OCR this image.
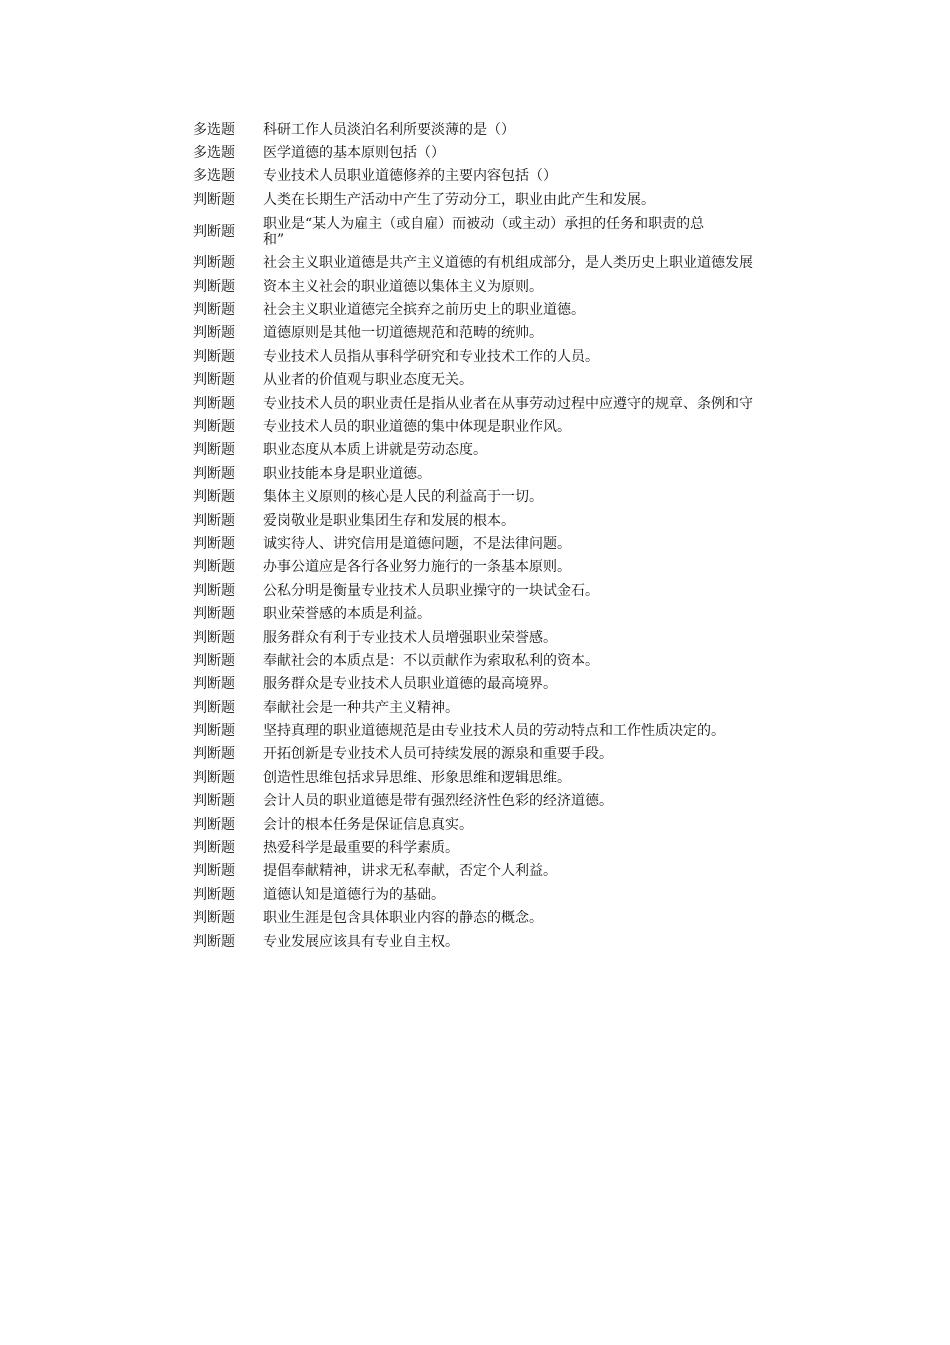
多选题	科研工作人员淡泊名利所要淡薄的是（）
多选题	医学道德的基本原则包括（）
多选题	专业技术人员职业道德修养的主要内容包括（）
判断题	人类在长期生产活动中产生了劳动分工，职业由此产生和发展。
判断题	职业是“某人为雇主（或自雇）而被动（或主动）承担的任务和职责的总和”
判断题	社会主义职业道德是共产主义道德的有机组成部分，是人类历史上职业道德发展
判断题	资本主义社会的职业道德以集体主义为原则。
判断题	社会主义职业道德完全摈弃之前历史上的职业道德。
判断题	道德原则是其他一切道德规范和范畴的统帅。
判断题	专业技术人员指从事科学研究和专业技术工作的人员。
判断题	从业者的价值观与职业态度无关。
判断题	专业技术人员的职业责任是指从业者在从事劳动过程中应遵守的规章、条例和守
判断题	专业技术人员的职业道德的集中体现是职业作风。
判断题	职业态度从本质上讲就是劳动态度。
判断题	职业技能本身是职业道德。
判断题	集体主义原则的核心是人民的利益高于一切。
判断题	爱岗敬业是职业集团生存和发展的根本。
判断题	诚实待人、讲究信用是道德问题，不是法律问题。
判断题	办事公道应是各行各业努力施行的一条基本原则。
判断题	公私分明是衡量专业技术人员职业操守的一块试金石。
判断题	职业荣誉感的本质是利益。
判断题	服务群众有利于专业技术人员增强职业荣誉感。
判断题	奉献社会的本质点是：不以贡献作为索取私利的资本。
判断题	服务群众是专业技术人员职业道德的最高境界。
判断题	奉献社会是一种共产主义精神。
判断题	坚持真理的职业道德规范是由专业技术人员的劳动特点和工作性质决定的。
判断题	开拓创新是专业技术人员可持续发展的源泉和重要手段。
判断题	创造性思维包括求异思维、形象思维和逻辑思维。
判断题	会计人员的职业道德是带有强烈经济性色彩的经济道德。
判断题	会计的根本任务是保证信息真实。
判断题	热爱科学是最重要的科学素质。
判断题	提倡奉献精神，讲求无私奉献，否定个人利益。
判断题	道德认知是道德行为的基础。
判断题	职业生涯是包含具体职业内容的静态的概念。
判断题	专业发展应该具有专业自主权。
